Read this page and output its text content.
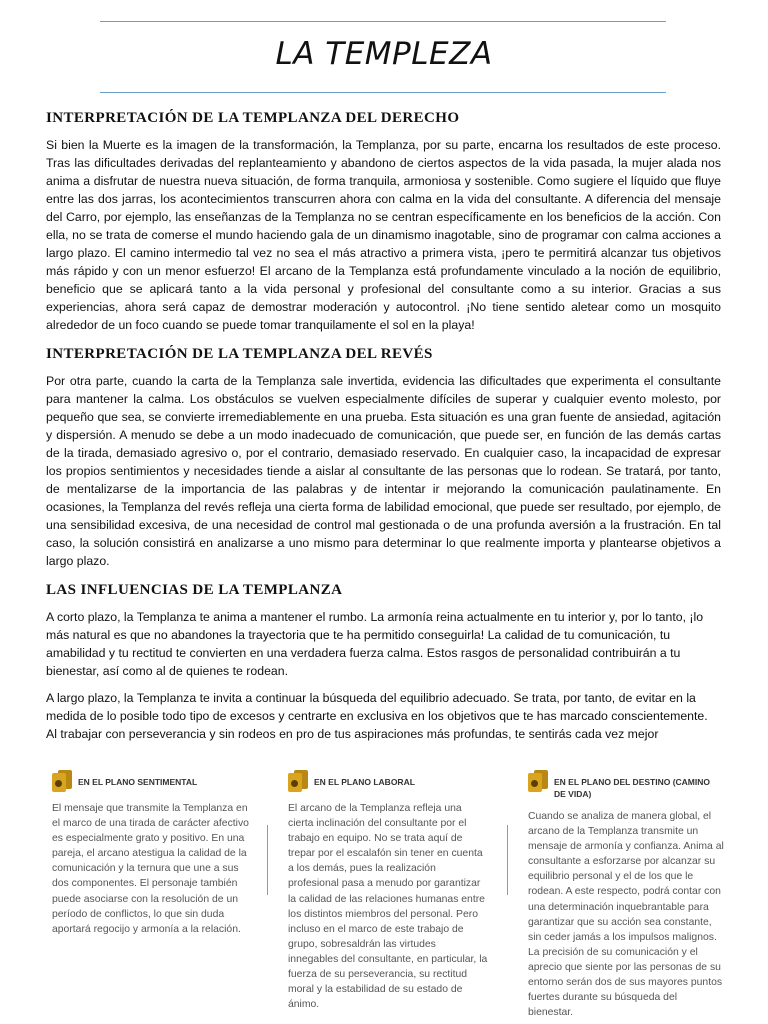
LA TEMPLEZA
INTERPRETACIÓN DE LA TEMPLANZA DEL DERECHO

Si bien la Muerte es la imagen de la transformación, la Templanza, por su parte, encarna los resultados de este proceso. Tras las dificultades derivadas del replanteamiento y abandono de ciertos aspectos de la vida pasada, la mujer alada nos anima a disfrutar de nuestra nueva situación, de forma tranquila, armoniosa y sostenible. Como sugiere el líquido que fluye entre las dos jarras, los acontecimientos transcurren ahora con calma en la vida del consultante. A diferencia del mensaje del Carro, por ejemplo, las enseñanzas de la Templanza no se centran específicamente en los beneficios de la acción. Con ella, no se trata de comerse el mundo haciendo gala de un dinamismo inagotable, sino de programar con calma acciones a largo plazo. El camino intermedio tal vez no sea el más atractivo a primera vista, ¡pero te permitirá alcanzar tus objetivos más rápido y con un menor esfuerzo! El arcano de la Templanza está profundamente vinculado a la noción de equilibrio, beneficio que se aplicará tanto a la vida personal y profesional del consultante como a su interior. Gracias a sus experiencias, ahora será capaz de demostrar moderación y autocontrol. ¡No tiene sentido aletear como un mosquito alrededor de un foco cuando se puede tomar tranquilamente el sol en la playa!

INTERPRETACIÓN DE LA TEMPLANZA DEL REVÉS

Por otra parte, cuando la carta de la Templanza sale invertida, evidencia las dificultades que experimenta el consultante para mantener la calma. Los obstáculos se vuelven especialmente difíciles de superar y cualquier evento molesto, por pequeño que sea, se convierte irremediablemente en una prueba. Esta situación es una gran fuente de ansiedad, agitación y dispersión. A menudo se debe a un modo inadecuado de comunicación, que puede ser, en función de las demás cartas de la tirada, demasiado agresivo o, por el contrario, demasiado reservado. En cualquier caso, la incapacidad de expresar los propios sentimientos y necesidades tiende a aislar al consultante de las personas que lo rodean. Se tratará, por tanto, de mentalizarse de la importancia de las palabras y de intentar ir mejorando la comunicación paulatinamente. En ocasiones, la Templanza del revés refleja una cierta forma de labilidad emocional, que puede ser resultado, por ejemplo, de una sensibilidad excesiva, de una necesidad de control mal gestionada o de una profunda aversión a la frustración. En tal caso, la solución consistirá en analizarse a uno mismo para determinar lo que realmente importa y plantearse objetivos a largo plazo.

LAS INFLUENCIAS DE LA TEMPLANZA

A corto plazo, la Templanza te anima a mantener el rumbo. La armonía reina actualmente en tu interior y, por lo tanto, ¡lo más natural es que no abandones la trayectoria que te ha permitido conseguirla! La calidad de tu comunicación, tu amabilidad y tu rectitud te convierten en una verdadera fuerza calma. Estos rasgos de personalidad contribuirán a tu bienestar, así como al de quienes te rodean.

A largo plazo, la Templanza te invita a continuar la búsqueda del equilibrio adecuado. Se trata, por tanto, de evitar en la medida de lo posible todo tipo de excesos y centrarte en exclusiva en los objetivos que te has marcado conscientemente. Al trabajar con perseverancia y sin rodeos en pro de tus aspiraciones más profundas, te sentirás cada vez mejor

EN EL PLANO SENTIMENTAL
El mensaje que transmite la Templanza en el marco de una tirada de carácter afectivo es especialmente grato y positivo. En una pareja, el arcano atestigua la calidad de la comunicación y la ternura que une a sus dos componentes. El personaje también puede asociarse con la resolución de un período de conflictos, lo que sin duda aportará regocijo y armonía a la relación.
EN EL PLANO LABORAL
El arcano de la Templanza refleja una cierta inclinación del consultante por el trabajo en equipo. No se trata aquí de trepar por el escalafón sin tener en cuenta a los demás, pues la realización profesional pasa a menudo por garantizar la calidad de las relaciones humanas entre los distintos miembros del personal. Pero incluso en el marco de este trabajo de grupo, sobresaldrán las virtudes innegables del consultante, en particular, la fuerza de su perseverancia, su rectitud moral y la estabilidad de su estado de ánimo.
EN EL PLANO DEL DESTINO (CAMINO DE VIDA)
Cuando se analiza de manera global, el arcano de la Templanza transmite un mensaje de armonía y confianza. Anima al consultante a esforzarse por alcanzar su equilibrio personal y el de los que le rodean. A este respecto, podrá contar con una determinación inquebrantable para garantizar que su acción sea constante, sin ceder jamás a los impulsos malignos. La precisión de su comunicación y el aprecio que siente por las personas de su entorno serán dos de sus mayores puntos fuertes durante su búsqueda del bienestar.
